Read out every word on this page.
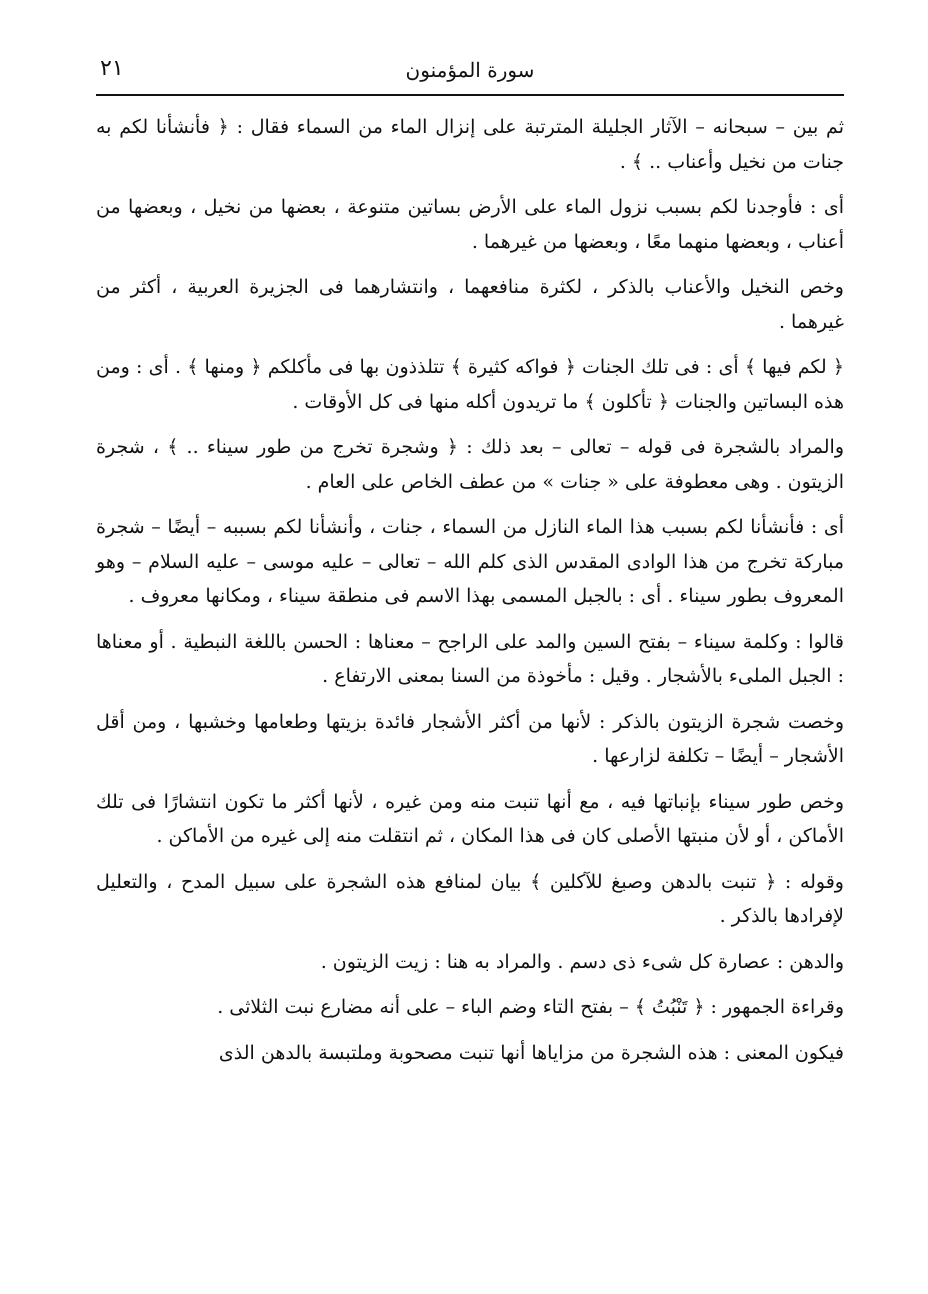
سورة المؤمنون
٢١

ثم بين – سبحانه – الآثار الجليلة المترتبة على إنزال الماء من السماء فقال : ﴿ فأنشأنا لكم به جنات من نخيل وأعناب .. ﴾ .

أى : فأوجدنا لكم بسبب نزول الماء على الأرض بساتين متنوعة ، بعضها من نخيل ، وبعضها من أعناب ، وبعضها منهما معًا ، وبعضها من غيرهما .

وخص النخيل والأعناب بالذكر ، لكثرة منافعهما ، وانتشارهما فى الجزيرة العربية ، أكثر من غيرهما .

﴿ لكم فيها ﴾ أى : فى تلك الجنات ﴿ فواكه كثيرة ﴾ تتلذذون بها فى مأكلكم ﴿ ومنها ﴾ . أى : ومن هذه البساتين والجنات ﴿ تأكلون ﴾ ما تريدون أكله منها فى كل الأوقات .

والمراد بالشجرة فى قوله – تعالى – بعد ذلك : ﴿ وشجرة تخرج من طور سيناء .. ﴾ ، شجرة الزيتون . وهى معطوفة على « جنات » من عطف الخاص على العام .

أى : فأنشأنا لكم بسبب هذا الماء النازل من السماء ، جنات ، وأنشأنا لكم بسببه – أيضًا – شجرة مباركة تخرج من هذا الوادى المقدس الذى كلم الله – تعالى – عليه موسى – عليه السلام – وهو المعروف بطور سيناء . أى : بالجبل المسمى بهذا الاسم فى منطقة سيناء ، ومكانها معروف .

قالوا : وكلمة سيناء – بفتح السين والمد على الراجح – معناها : الحسن باللغة النبطية . أو معناها : الجبل الملىء بالأشجار . وقيل : مأخوذة من السنا بمعنى الارتفاع .

وخصت شجرة الزيتون بالذكر : لأنها من أكثر الأشجار فائدة بزيتها وطعامها وخشبها ، ومن أقل الأشجار – أيضًا – تكلفة لزارعها .

وخص طور سيناء بإنباتها فيه ، مع أنها تنبت منه ومن غيره ، لأنها أكثر ما تكون انتشارًا فى تلك الأماكن ، أو لأن منبتها الأصلى كان فى هذا المكان ، ثم انتقلت منه إلى غيره من الأماكن .

وقوله : ﴿ تنبت بالدهن وصبغ للآكلين ﴾ بيان لمنافع هذه الشجرة على سبيل المدح ، والتعليل لإفرادها بالذكر .

والدهن : عصارة كل شىء ذى دسم . والمراد به هنا : زيت الزيتون .

وقراءة الجمهور : ﴿ تَنْبُتُ ﴾ – بفتح التاء وضم الباء – على أنه مضارع نبت الثلاثى .

فيكون المعنى : هذه الشجرة من مزاياها أنها تنبت مصحوبة وملتبسة بالدهن الذى
